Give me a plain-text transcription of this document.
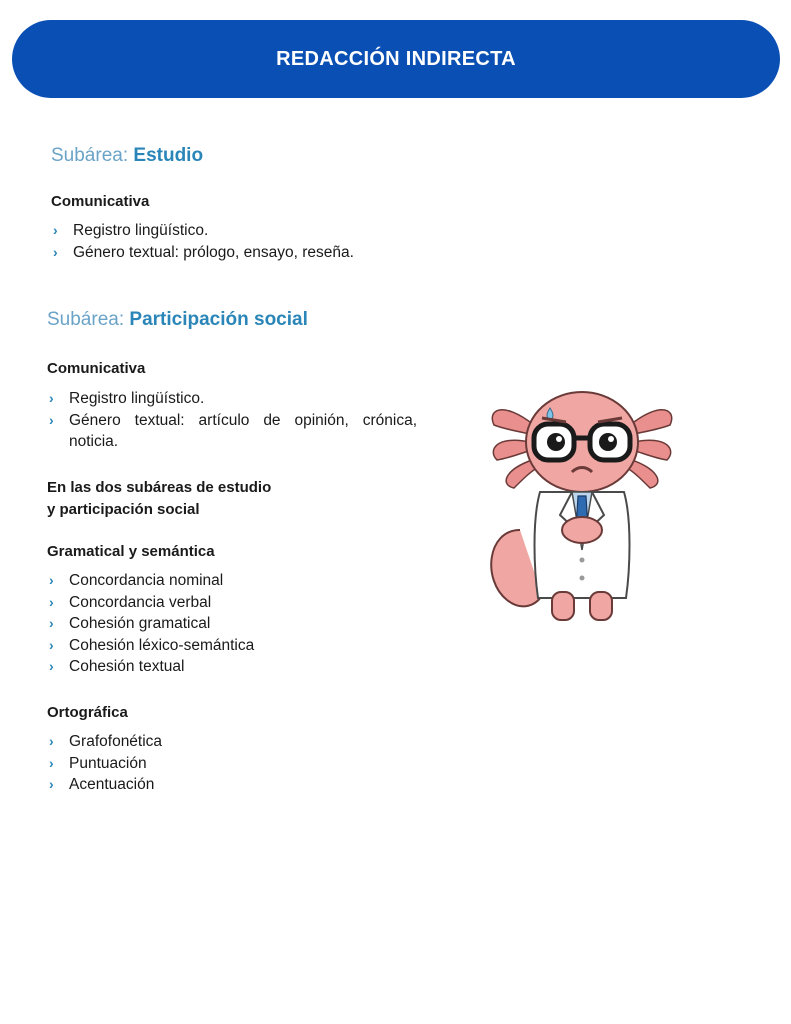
REDACCIÓN INDIRECTA
Subárea: Estudio
Comunicativa
› Registro lingüístico.
› Género textual: prólogo, ensayo, reseña.
Subárea: Participación social
Comunicativa
› Registro lingüístico.
› Género textual: artículo de opinión, crónica, noticia.
En las dos subáreas de estudio
y participación social
Gramatical y semántica
› Concordancia nominal
› Concordancia verbal
› Cohesión gramatical
› Cohesión léxico-semántica
› Cohesión textual
Ortográfica
› Grafofonética
› Puntuación
› Acentuación
